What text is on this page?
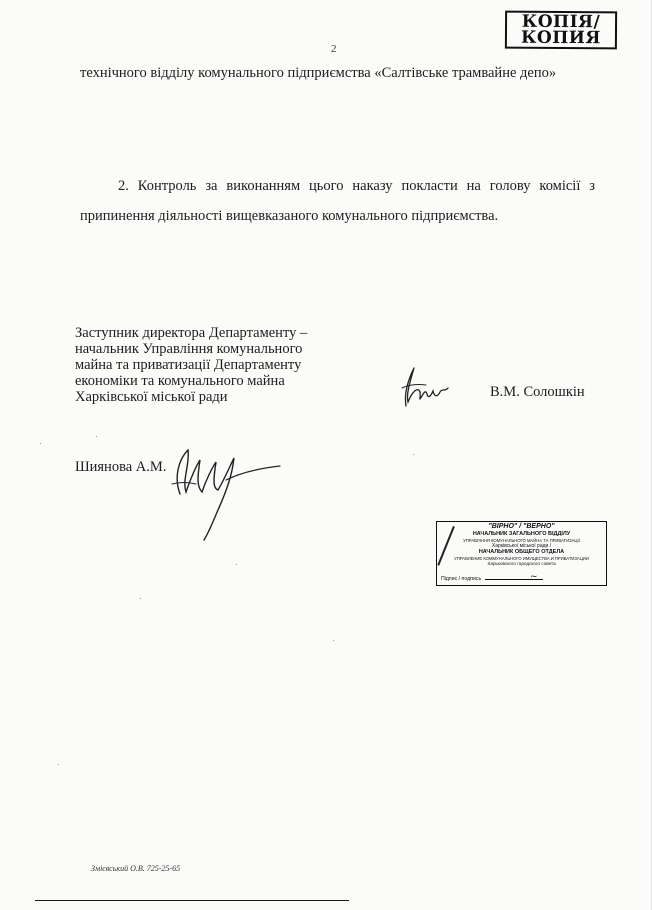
КОПІЯ/
КОПИЯ
2

технічного відділу комунального підприємства «Салтівське трамвайне депо»

2. Контроль за виконанням цього наказу покласти на голову комісії з припинення діяльності вищевказаного комунального підприємства.

Заступник директора Департаменту –
начальник Управління комунального
майна та приватизації Департаменту
економіки та комунального майна
Харківської міської ради	В.М. Солошкін
Шиянова А.М.
"ВІРНО" / "ВЕРНО"
НАЧАЛЬНИК ЗАГАЛЬНОГО ВІДДІЛУ
УПРАВЛІННЯ КОМУНАЛЬНОГО МАЙНА ТА ПРИВАТИЗАЦІЇ
Харківської міської ради /
НАЧАЛЬНИК ОБЩЕГО ОТДЕЛА
УПРАВЛЕНИЕ КОММУНАЛЬНОГО ИМУЩЕСТВА И ПРИВАТИЗАЦИИ
Харьковского городского совета
Підпис / подпись	~
Змієвський О.В. 725-25-65
